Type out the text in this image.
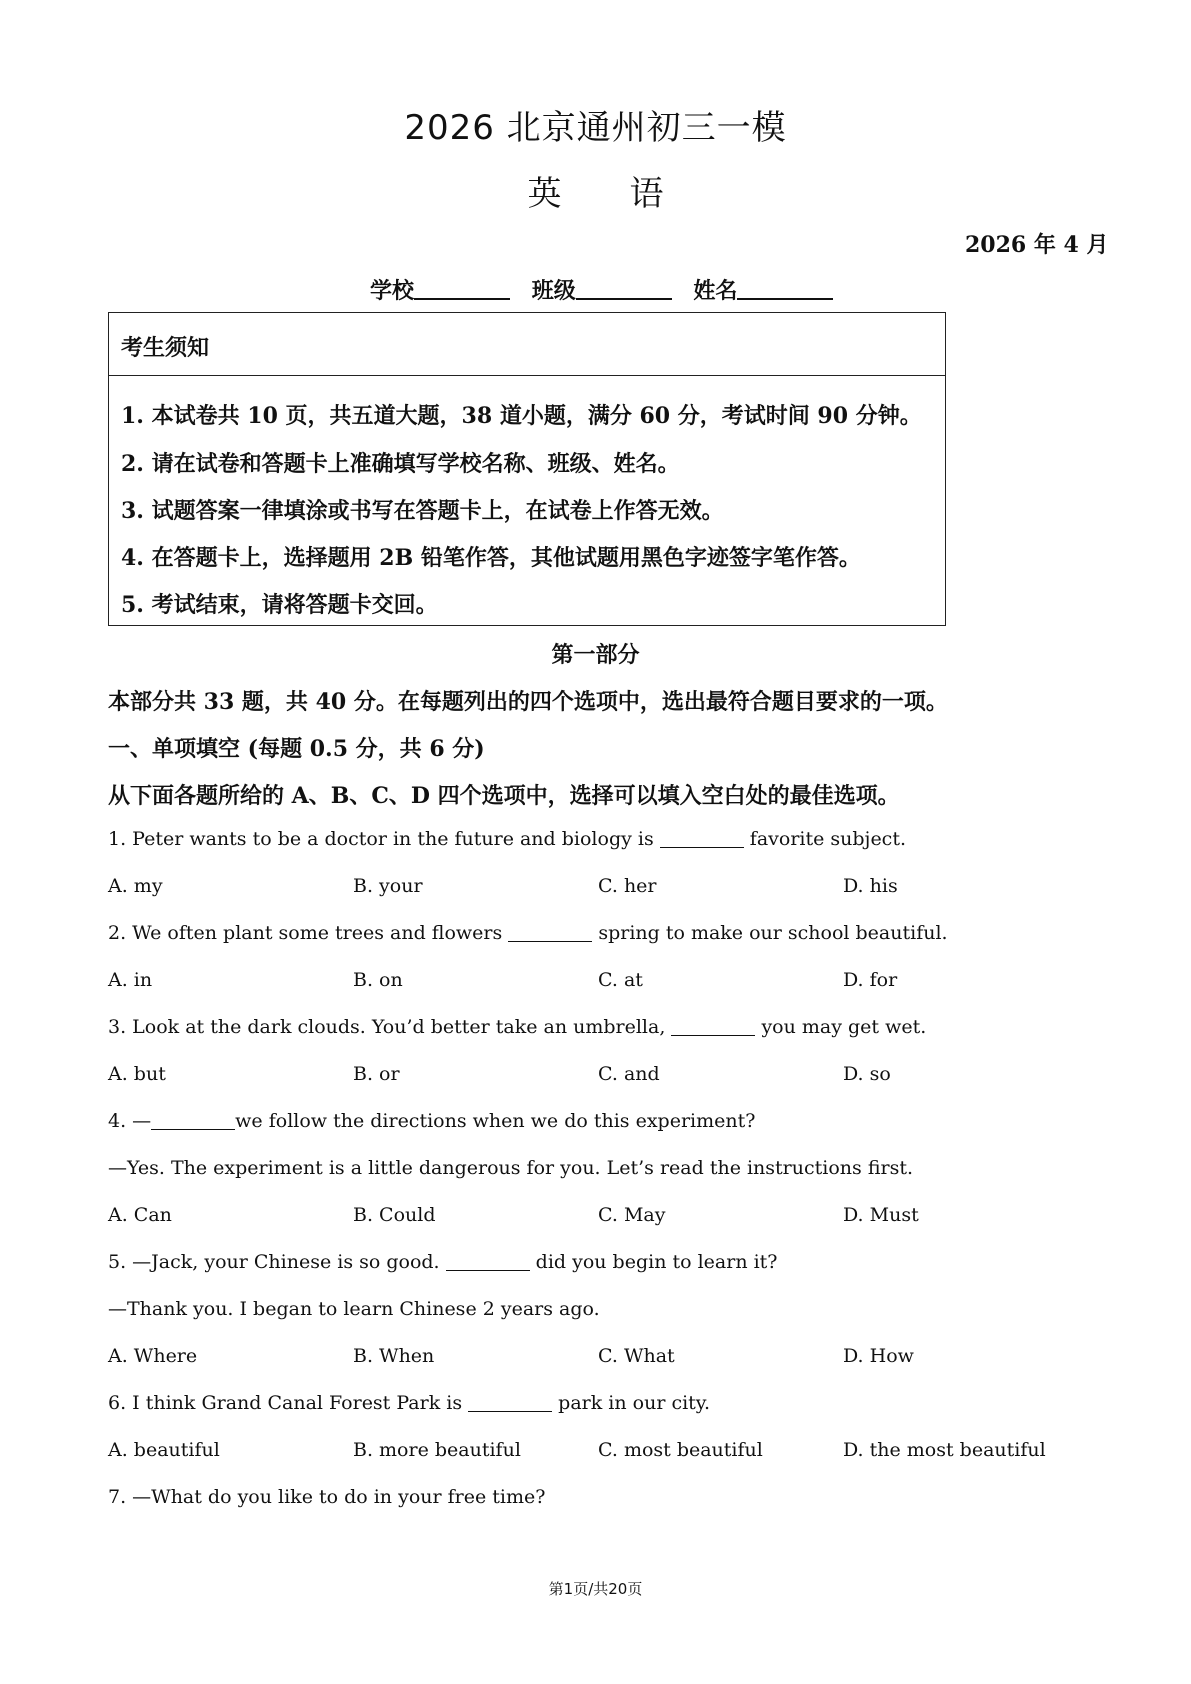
2026 北京通州初三一模
英　　语
2026 年 4 月
学校	班级	姓名
考生须知
1. 本试卷共 10 页，共五道大题，38 道小题，满分 60 分，考试时间 90 分钟。
2. 请在试卷和答题卡上准确填写学校名称、班级、姓名。
3. 试题答案一律填涂或书写在答题卡上，在试卷上作答无效。
4. 在答题卡上，选择题用 2B 铅笔作答，其他试题用黑色字迹签字笔作答。
5. 考试结束，请将答题卡交回。
第一部分
本部分共 33 题，共 40 分。在每题列出的四个选项中，选出最符合题目要求的一项。
一、单项填空 (每题 0.5 分，共 6 分)
从下面各题所给的 A、B、C、D 四个选项中，选择可以填入空白处的最佳选项。
1. Peter wants to be a doctor in the future and biology is	favorite subject.
A. my	B. your	C. her	D. his
2. We often plant some trees and flowers	spring to make our school beautiful.
A. in	B. on	C. at	D. for
3. Look at the dark clouds. You’d better take an umbrella,	you may get wet.
A. but	B. or	C. and	D. so
4. —	we follow the directions when we do this experiment?
—Yes. The experiment is a little dangerous for you. Let’s read the instructions first.
A. Can	B. Could	C. May	D. Must
5. —Jack, your Chinese is so good.	did you begin to learn it?
—Thank you. I began to learn Chinese 2 years ago.
A. Where	B. When	C. What	D. How
6. I think Grand Canal Forest Park is	park in our city.
A. beautiful	B. more beautiful	C. most beautiful	D. the most beautiful
7. —What do you like to do in your free time?
第1页/共20页
